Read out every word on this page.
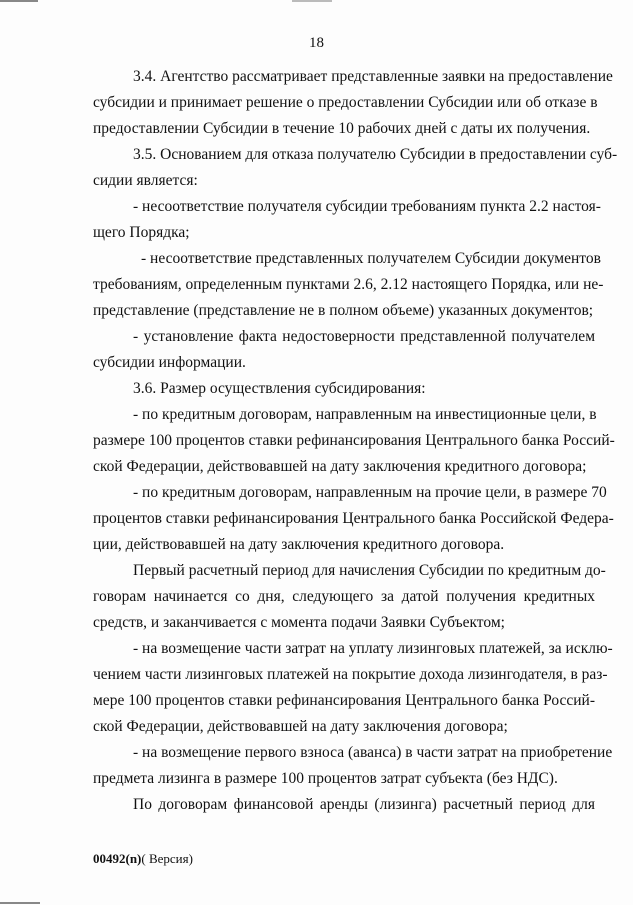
18

3.4. Агентство рассматривает представленные заявки на предоставление
субсидии и принимает решение о предоставлении Субсидии или об отказе в
предоставлении Субсидии в течение 10 рабочих дней с даты их получения.

3.5. Основанием для отказа получателю Субсидии в предоставлении суб-
сидии является:

- несоответствие получателя субсидии требованиям пункта 2.2 настоя-
щего Порядка;

- несоответствие представленных получателем Субсидии документов
требованиям, определенным пунктами 2.6, 2.12 настоящего Порядка, или не-
представление (представление не в полном объеме) указанных документов;

- установление факта недостоверности представленной получателем
субсидии информации.

3.6. Размер осуществления субсидирования:

- по кредитным договорам, направленным на инвестиционные цели, в
размере 100 процентов ставки рефинансирования Центрального банка Россий-
ской Федерации, действовавшей на дату заключения кредитного договора;

- по кредитным договорам, направленным на прочие цели, в размере 70
процентов ставки рефинансирования Центрального банка Российской Федера-
ции, действовавшей на дату заключения кредитного договора.

Первый расчетный период для начисления Субсидии по кредитным до-
говорам начинается со дня, следующего за датой получения кредитных
средств, и заканчивается с момента подачи Заявки Субъектом;

- на возмещение части затрат на уплату лизинговых платежей, за исклю-
чением части лизинговых платежей на покрытие дохода лизингодателя, в раз-
мере 100 процентов ставки рефинансирования Центрального банка Россий-
ской Федерации, действовавшей на дату заключения договора;

- на возмещение первого взноса (аванса) в части затрат на приобретение
предмета лизинга в размере 100 процентов затрат субъекта (без НДС).

По договорам финансовой аренды (лизинга) расчетный период для

00492(n)( Версия)
